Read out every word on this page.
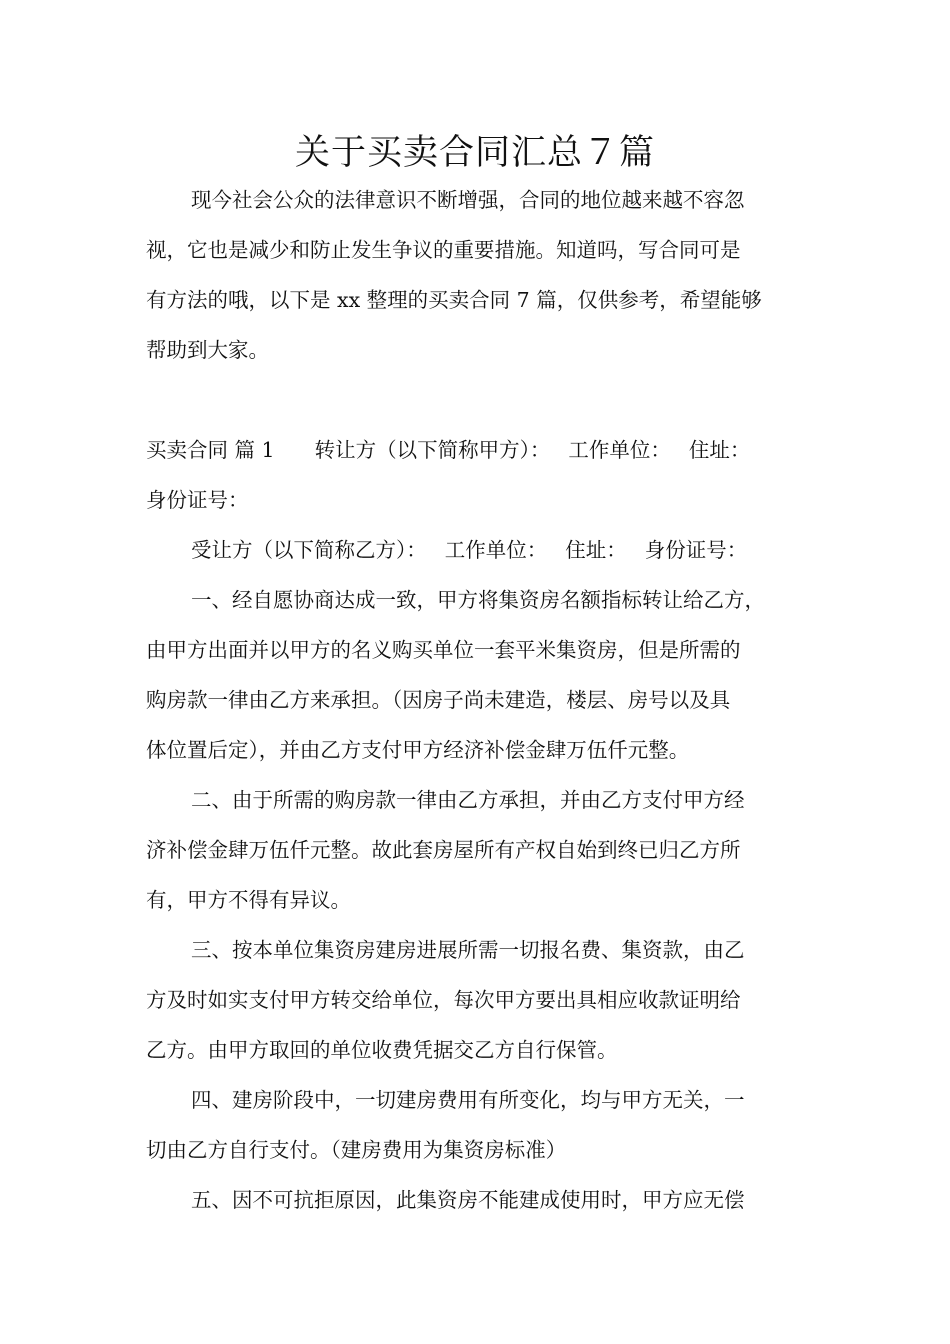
关于买卖合同汇总７篇
现今社会公众的法律意识不断增强，合同的地位越来越不容忽
视，它也是减少和防止发生争议的重要措施。知道吗，写合同可是
有方法的哦，以下是 xx 整理的买卖合同 7 篇，仅供参考，希望能够
帮助到大家。
买卖合同 篇 1 转让方（以下简称甲方）： 工作单位： 住址：
身份证号：
受让方（以下简称乙方）： 工作单位： 住址： 身份证号：
一、经自愿协商达成一致，甲方将集资房名额指标转让给乙方，
由甲方出面并以甲方的名义购买单位一套平米集资房，但是所需的
购房款一律由乙方来承担。（因房子尚未建造，楼层、房号以及具
体位置后定），并由乙方支付甲方经济补偿金肆万伍仟元整。
二、由于所需的购房款一律由乙方承担，并由乙方支付甲方经
济补偿金肆万伍仟元整。故此套房屋所有产权自始到终已归乙方所
有，甲方不得有异议。
三、按本单位集资房建房进展所需一切报名费、集资款，由乙
方及时如实支付甲方转交给单位，每次甲方要出具相应收款证明给
乙方。由甲方取回的单位收费凭据交乙方自行保管。
四、建房阶段中，一切建房费用有所变化，均与甲方无关，一
切由乙方自行支付。（建房费用为集资房标准）
五、因不可抗拒原因，此集资房不能建成使用时，甲方应无偿
